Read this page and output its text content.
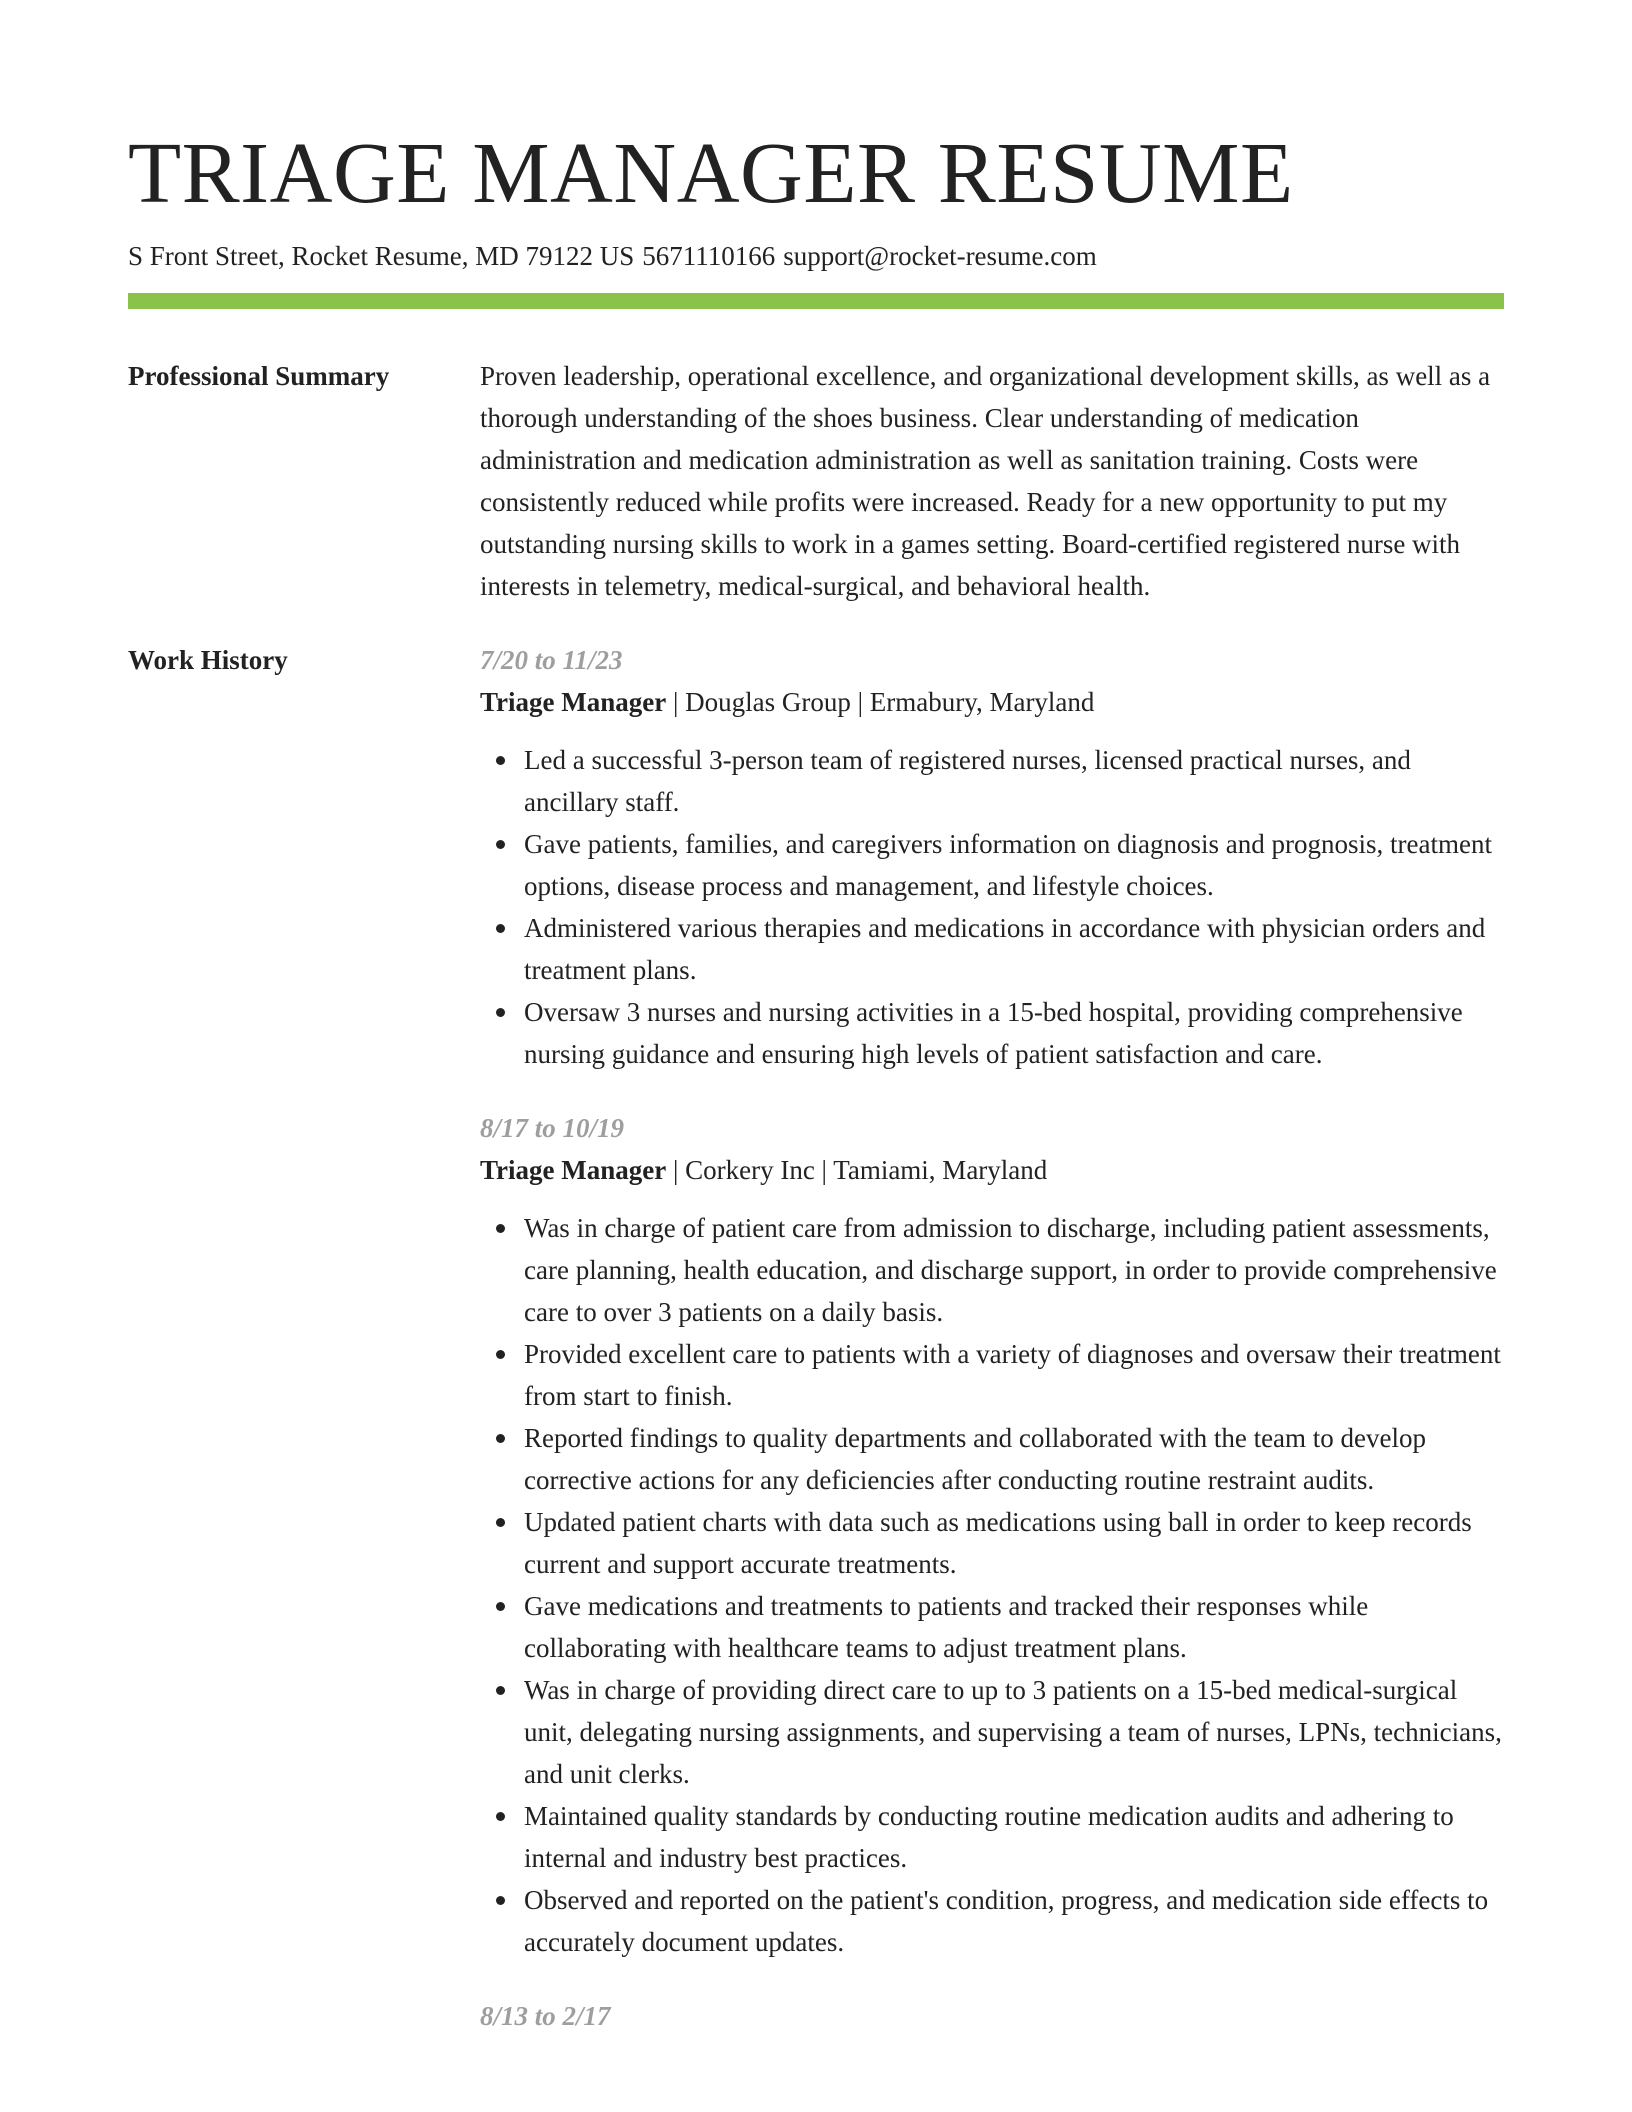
TRIAGE MANAGER RESUME
S Front Street, Rocket Resume, MD 79122 US 5671110166 support@rocket-resume.com
Professional Summary	Proven leadership, operational excellence, and organizational development skills, as well as a thorough understanding of the shoes business. Clear understanding of medication administration and medication administration as well as sanitation training. Costs were consistently reduced while profits were increased. Ready for a new opportunity to put my outstanding nursing skills to work in a games setting. Board-certified registered nurse with interests in telemetry, medical-surgical, and behavioral health.

Work History	7/20 to 11/23
Triage Manager | Douglas Group | Ermabury, Maryland
Led a successful 3-person team of registered nurses, licensed practical nurses, and ancillary staff.
Gave patients, families, and caregivers information on diagnosis and prognosis, treatment options, disease process and management, and lifestyle choices.
Administered various therapies and medications in accordance with physician orders and treatment plans.
Oversaw 3 nurses and nursing activities in a 15-bed hospital, providing comprehensive nursing guidance and ensuring high levels of patient satisfaction and care.
8/17 to 10/19
Triage Manager | Corkery Inc | Tamiami, Maryland
Was in charge of patient care from admission to discharge, including patient assessments, care planning, health education, and discharge support, in order to provide comprehensive care to over 3 patients on a daily basis.
Provided excellent care to patients with a variety of diagnoses and oversaw their treatment from start to finish.
Reported findings to quality departments and collaborated with the team to develop corrective actions for any deficiencies after conducting routine restraint audits.
Updated patient charts with data such as medications using ball in order to keep records current and support accurate treatments.
Gave medications and treatments to patients and tracked their responses while collaborating with healthcare teams to adjust treatment plans.
Was in charge of providing direct care to up to 3 patients on a 15-bed medical-surgical unit, delegating nursing assignments, and supervising a team of nurses, LPNs, technicians, and unit clerks.
Maintained quality standards by conducting routine medication audits and adhering to internal and industry best practices.
Observed and reported on the patient's condition, progress, and medication side effects to accurately document updates.
8/13 to 2/17
